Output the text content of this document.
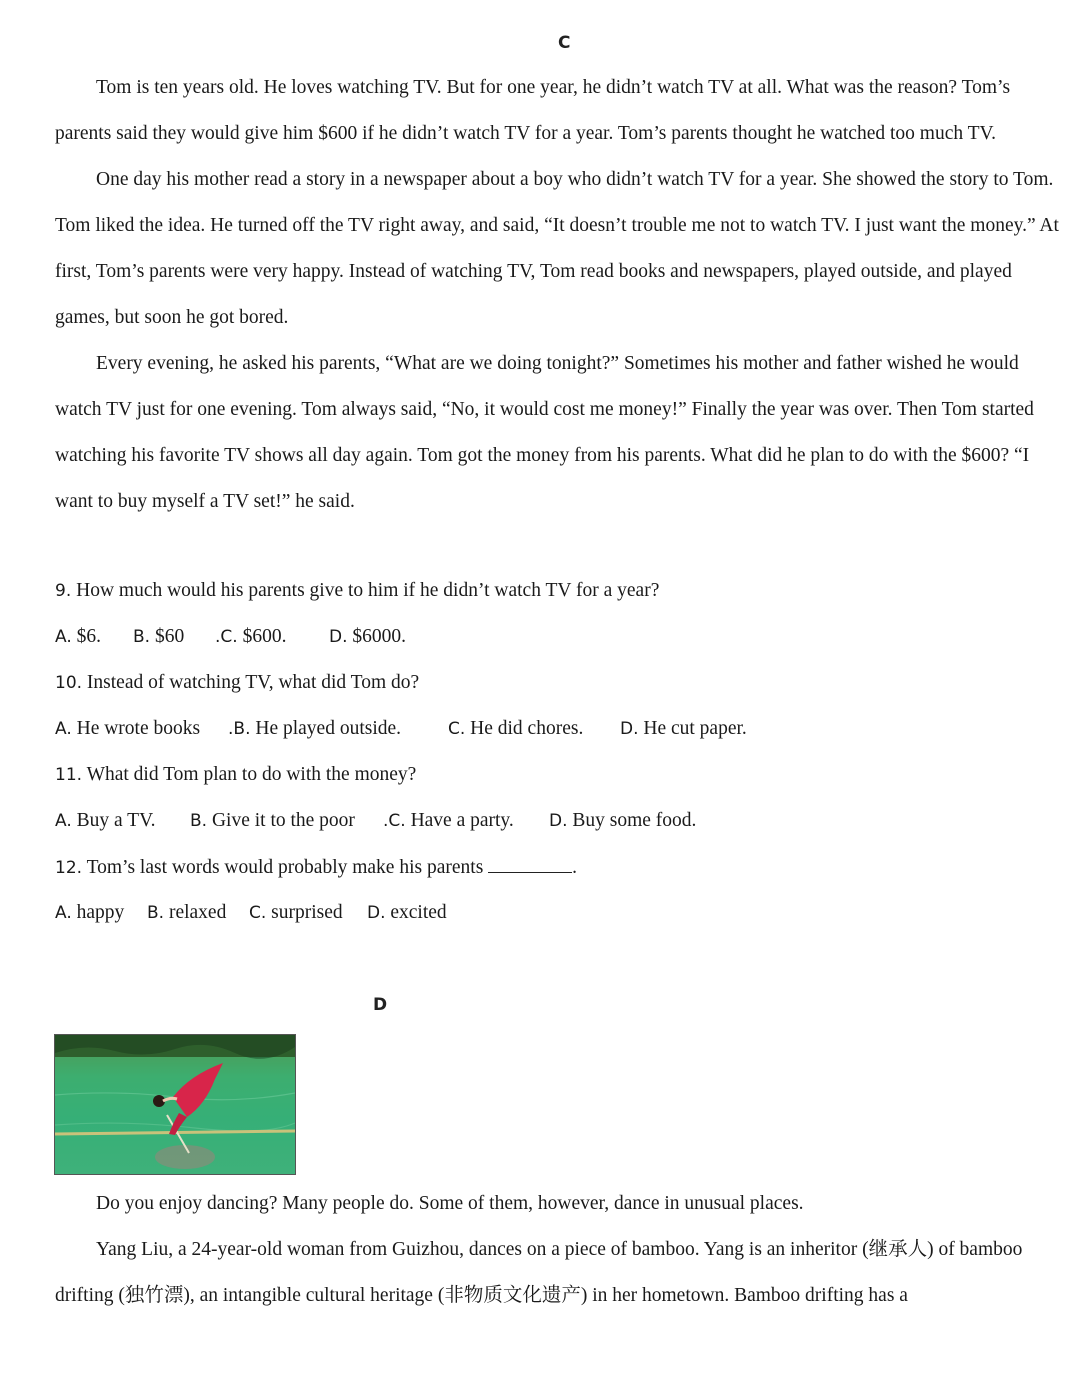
C

Tom is ten years old. He loves watching TV. But for one year, he didn’t watch TV at all. What was the reason? Tom’s parents said they would give him $600 if he didn’t watch TV for a year. Tom’s parents thought he watched too much TV.

One day his mother read a story in a newspaper about a boy who didn’t watch TV for a year. She showed the story to Tom. Tom liked the idea. He turned off the TV right away, and said, “It doesn’t trouble me not to watch TV. I just want the money.” At first, Tom’s parents were very happy. Instead of watching TV, Tom read books and newspapers, played outside, and played games, but soon he got bored.

Every evening, he asked his parents, “What are we doing tonight?” Sometimes his mother and father wished he would watch TV just for one evening. Tom always said, “No, it would cost me money!” Finally the year was over. Then Tom started watching his favorite TV shows all day again. Tom got the money from his parents. What did he plan to do with the $600? “I want to buy myself a TV set!” he said.

9. How much would his parents give to him if he didn’t watch TV for a year?
A. $6. B. $60 .C. $600.	D. $6000.
10. Instead of watching TV, what did Tom do?
A. He wrote books .B. He played outside.	C. He did chores. D. He cut paper.
11. What did Tom plan to do with the money?
A. Buy a TV. B. Give it to the poor .C. Have a party. D. Buy some food.
12. Tom’s last words would probably make his parents	.
A. happy B. relaxed C. surprised D. excited
D

Do you enjoy dancing? Many people do. Some of them, however, dance in unusual places.

Yang Liu, a 24-year-old woman from Guizhou, dances on a piece of bamboo. Yang is an inheritor (继承人) of bamboo drifting (独竹漂), an intangible cultural heritage (非物质文化遗产) in her hometown. Bamboo drifting has a
